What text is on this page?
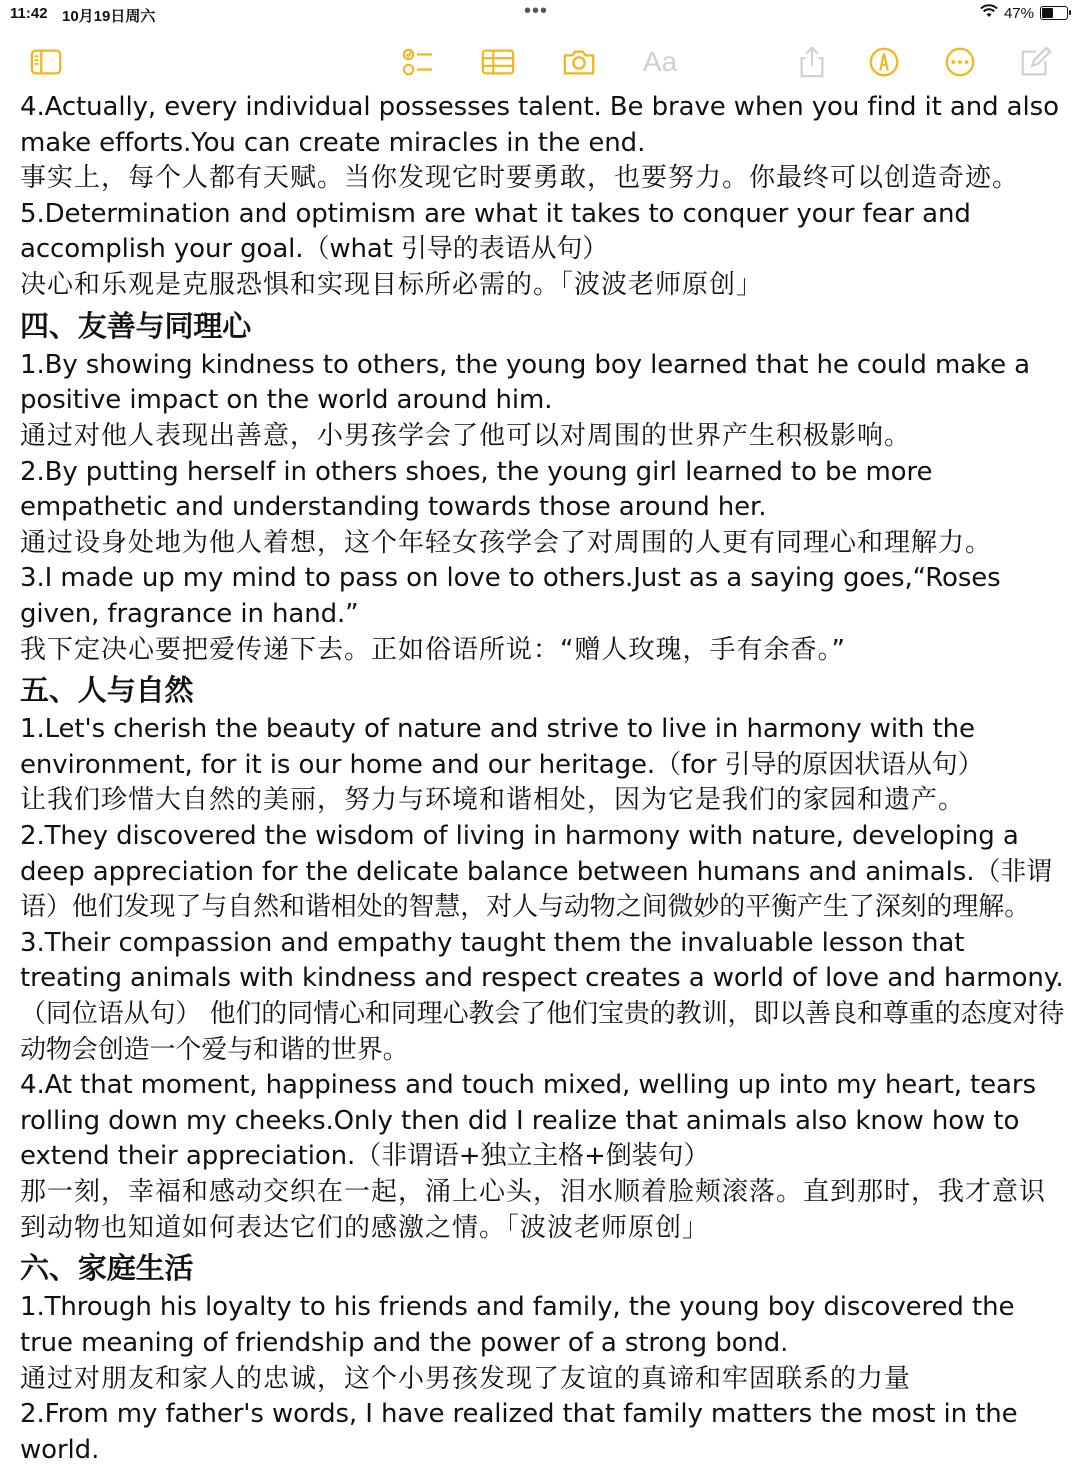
11:42 10月19日周六	•••	47%
Aa

4.Actually, every individual possesses talent. Be brave when you find it and also make efforts.You can create miracles in the end.

事实上，每个人都有天赋。当你发现它时要勇敢，也要努力。你最终可以创造奇迹。

5.Determination and optimism are what it takes to conquer your fear and accomplish your goal.（what 引导的表语从句）

决心和乐观是克服恐惧和实现目标所必需的。「波波老师原创」

四、友善与同理心

1.By showing kindness to others, the young boy learned that he could make a positive impact on the world around him.

通过对他人表现出善意，小男孩学会了他可以对周围的世界产生积极影响。

2.By putting herself in others shoes, the young girl learned to be more empathetic and understanding towards those around her.

通过设身处地为他人着想，这个年轻女孩学会了对周围的人更有同理心和理解力。

3.I made up my mind to pass on love to others.Just as a saying goes,“Roses given, fragrance in hand.”

我下定决心要把爱传递下去。正如俗语所说：“赠人玫瑰，手有余香。”

五、人与自然

1.Let's cherish the beauty of nature and strive to live in harmony with the environment, for it is our home and our heritage.（for 引导的原因状语从句）

让我们珍惜大自然的美丽，努力与环境和谐相处，因为它是我们的家园和遗产。

2.They discovered the wisdom of living in harmony with nature, developing a deep appreciation for the delicate balance between humans and animals.（非谓语）他们发现了与自然和谐相处的智慧，对人与动物之间微妙的平衡产生了深刻的理解。

3.Their compassion and empathy taught them the invaluable lesson that treating animals with kindness and respect creates a world of love and harmony.（同位语从句） 他们的同情心和同理心教会了他们宝贵的教训，即以善良和尊重的态度对待动物会创造一个爱与和谐的世界。

4.At that moment, happiness and touch mixed, welling up into my heart, tears rolling down my cheeks.Only then did I realize that animals also know how to extend their appreciation.（非谓语+独立主格+倒装句）

那一刻，幸福和感动交织在一起，涌上心头，泪水顺着脸颊滚落。直到那时，我才意识到动物也知道如何表达它们的感激之情。「波波老师原创」

六、家庭生活

1.Through his loyalty to his friends and family, the young boy discovered the true meaning of friendship and the power of a strong bond.

通过对朋友和家人的忠诚，这个小男孩发现了友谊的真谛和牢固联系的力量

2.From my father's words, I have realized that family matters the most in the world.
